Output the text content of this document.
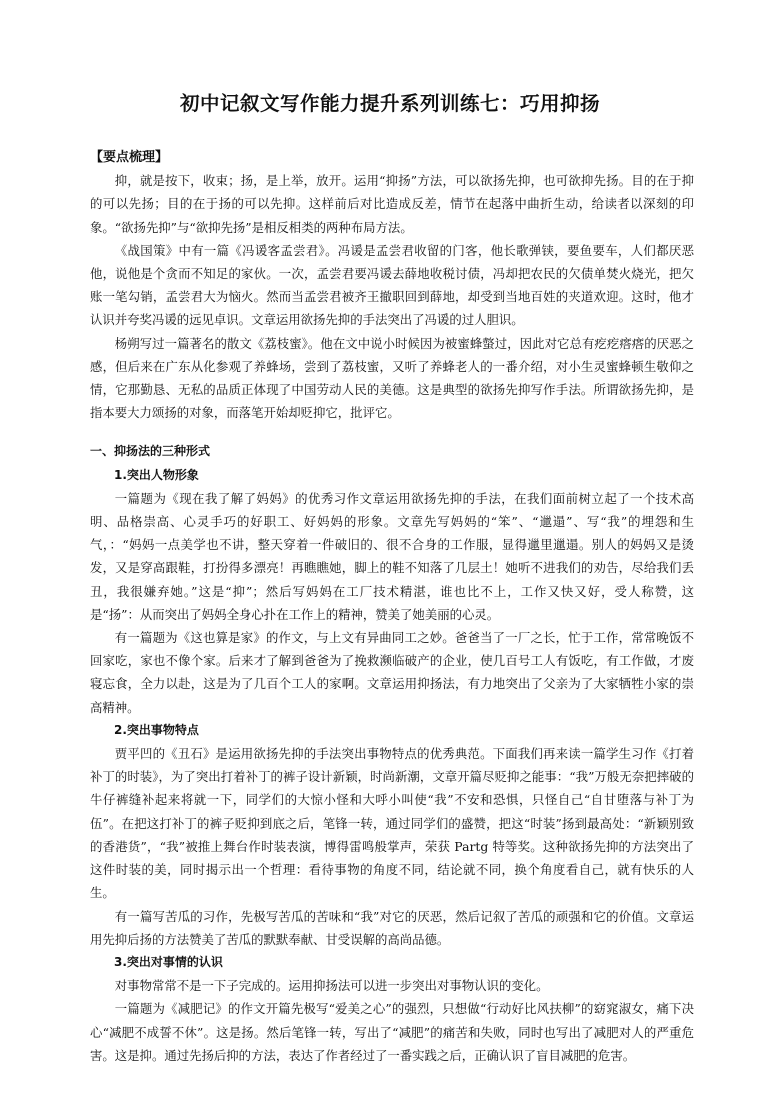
初中记叙文写作能力提升系列训练七：巧用抑扬

【要点梳理】

抑，就是按下，收束；扬，是上举，放开。运用“抑扬”方法，可以欲扬先抑，也可欲抑先扬。目的在于抑的可以先扬；目的在于扬的可以先抑。这样前后对比造成反差，情节在起落中曲折生动，给读者以深刻的印象。“欲扬先抑”与“欲抑先扬”是相反相类的两种布局方法。

《战国策》中有一篇《冯谖客孟尝君》。冯谖是孟尝君收留的门客，他长歌弹铗，要鱼要车，人们都厌恶他，说他是个贪而不知足的家伙。一次，孟尝君要冯谖去薛地收税讨债，冯却把农民的欠债单焚火烧光，把欠账一笔勾销，孟尝君大为恼火。然而当孟尝君被齐王撤职回到薛地，却受到当地百姓的夹道欢迎。这时，他才认识并夸奖冯谖的远见卓识。文章运用欲扬先抑的手法突出了冯谖的过人胆识。

杨朔写过一篇著名的散文《荔枝蜜》。他在文中说小时候因为被蜜蜂螫过，因此对它总有疙疙瘩瘩的厌恶之感，但后来在广东从化参观了养蜂场，尝到了荔枝蜜，又听了养蜂老人的一番介绍，对小生灵蜜蜂顿生敬仰之情，它那勤恳、无私的品质正体现了中国劳动人民的美德。这是典型的欲扬先抑写作手法。所谓欲扬先抑，是指本要大力颂扬的对象，而落笔开始却贬抑它，批评它。

一、抑扬法的三种形式

1.突出人物形象

一篇题为《现在我了解了妈妈》的优秀习作文章运用欲扬先抑的手法，在我们面前树立起了一个技术高明、品格崇高、心灵手巧的好职工、好妈妈的形象。文章先写妈妈的“笨”、“邋遢”、写“我”的埋怨和生气，：“妈妈一点美学也不讲，整天穿着一件破旧的、很不合身的工作服，显得邋里邋遢。别人的妈妈又是烫发，又是穿高跟鞋，打扮得多漂亮！再瞧瞧她，脚上的鞋不知落了几层土！她听不进我们的劝告，尽给我们丢丑，我很嫌弃她。”这是“抑”；然后写妈妈在工厂技术精湛，谁也比不上，工作又快又好，受人称赞，这是“扬”：从而突出了妈妈全身心扑在工作上的精神，赞美了她美丽的心灵。

有一篇题为《这也算是家》的作文，与上文有异曲同工之妙。爸爸当了一厂之长，忙于工作，常常晚饭不回家吃，家也不像个家。后来才了解到爸爸为了挽救濒临破产的企业，使几百号工人有饭吃，有工作做，才废寝忘食，全力以赴，这是为了几百个工人的家啊。文章运用抑扬法，有力地突出了父亲为了大家牺牲小家的崇高精神。

2.突出事物特点

贾平凹的《丑石》是运用欲扬先抑的手法突出事物特点的优秀典范。下面我们再来读一篇学生习作《打着补丁的时装》，为了突出打着补丁的裤子设计新颖，时尚新潮，文章开篇尽贬抑之能事：“我”万般无奈把摔破的牛仔裤缝补起来将就一下，同学们的大惊小怪和大呼小叫使“我”不安和恐惧，只怪自己“自甘堕落与补丁为伍”。在把这打补丁的裤子贬抑到底之后，笔锋一转，通过同学们的盛赞，把这“时装”扬到最高处：“新颖别致的香港货”，“我”被推上舞台作时装表演，博得雷鸣般掌声，荣获 Partg 特等奖。这种欲扬先抑的方法突出了这件时装的美，同时揭示出一个哲理：看待事物的角度不同，结论就不同，换个角度看自己，就有快乐的人生。

有一篇写苦瓜的习作，先极写苦瓜的苦味和“我”对它的厌恶，然后记叙了苦瓜的顽强和它的价值。文章运用先抑后扬的方法赞美了苦瓜的默默奉献、甘受误解的高尚品德。

3.突出对事情的认识

对事物常常不是一下子完成的。运用抑扬法可以进一步突出对事物认识的变化。

一篇题为《减肥记》的作文开篇先极写“爱美之心”的强烈，只想做“行动好比风扶柳”的窈窕淑女，痛下决心“减肥不成誓不休”。这是扬。然后笔锋一转，写出了“减肥”的痛苦和失败，同时也写出了减肥对人的严重危害。这是抑。通过先扬后抑的方法，表达了作者经过了一番实践之后，正确认识了盲目减肥的危害。
